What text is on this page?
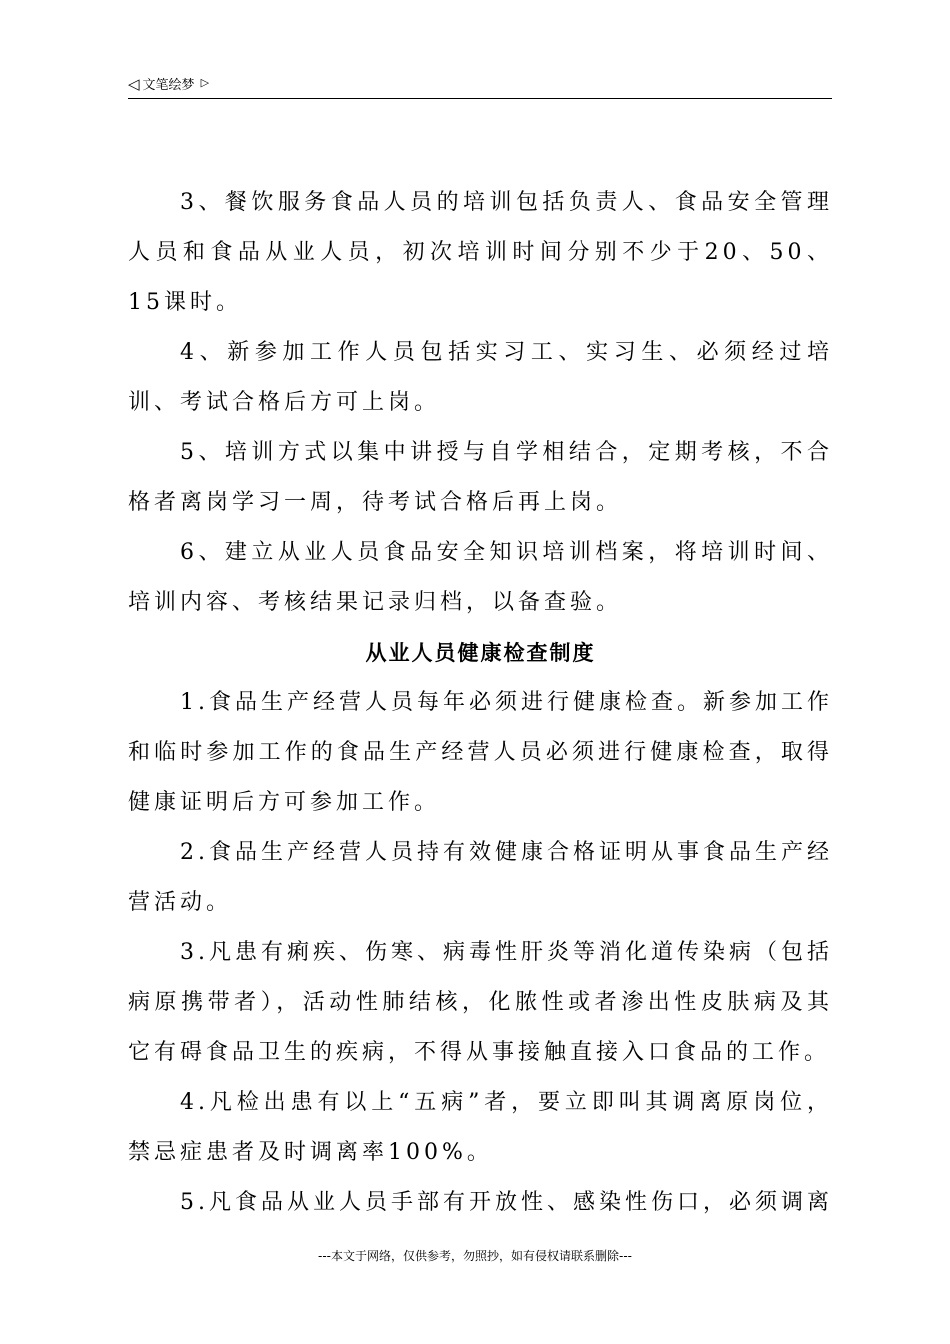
◁ 文笔绘梦 ▷

3、餐饮服务食品人员的培训包括负责人、食品安全管理人员和食品从业人员，初次培训时间分别不少于20、50、15课时。

4、新参加工作人员包括实习工、实习生、必须经过培训、考试合格后方可上岗。

5、培训方式以集中讲授与自学相结合，定期考核，不合格者离岗学习一周，待考试合格后再上岗。

6、建立从业人员食品安全知识培训档案，将培训时间、培训内容、考核结果记录归档，以备查验。

从业人员健康检查制度

1.食品生产经营人员每年必须进行健康检查。新参加工作和临时参加工作的食品生产经营人员必须进行健康检查，取得健康证明后方可参加工作。

2.食品生产经营人员持有效健康合格证明从事食品生产经营活动。

3.凡患有痢疾、伤寒、病毒性肝炎等消化道传染病（包括病原携带者），活动性肺结核，化脓性或者渗出性皮肤病及其它有碍食品卫生的疾病，不得从事接触直接入口食品的工作。

4.凡检出患有以上“五病”者，要立即叫其调离原岗位，禁忌症患者及时调离率100%。

5.凡食品从业人员手部有开放性、感染性伤口，必须调离

---本文于网络，仅供参考，勿照抄，如有侵权请联系删除---
